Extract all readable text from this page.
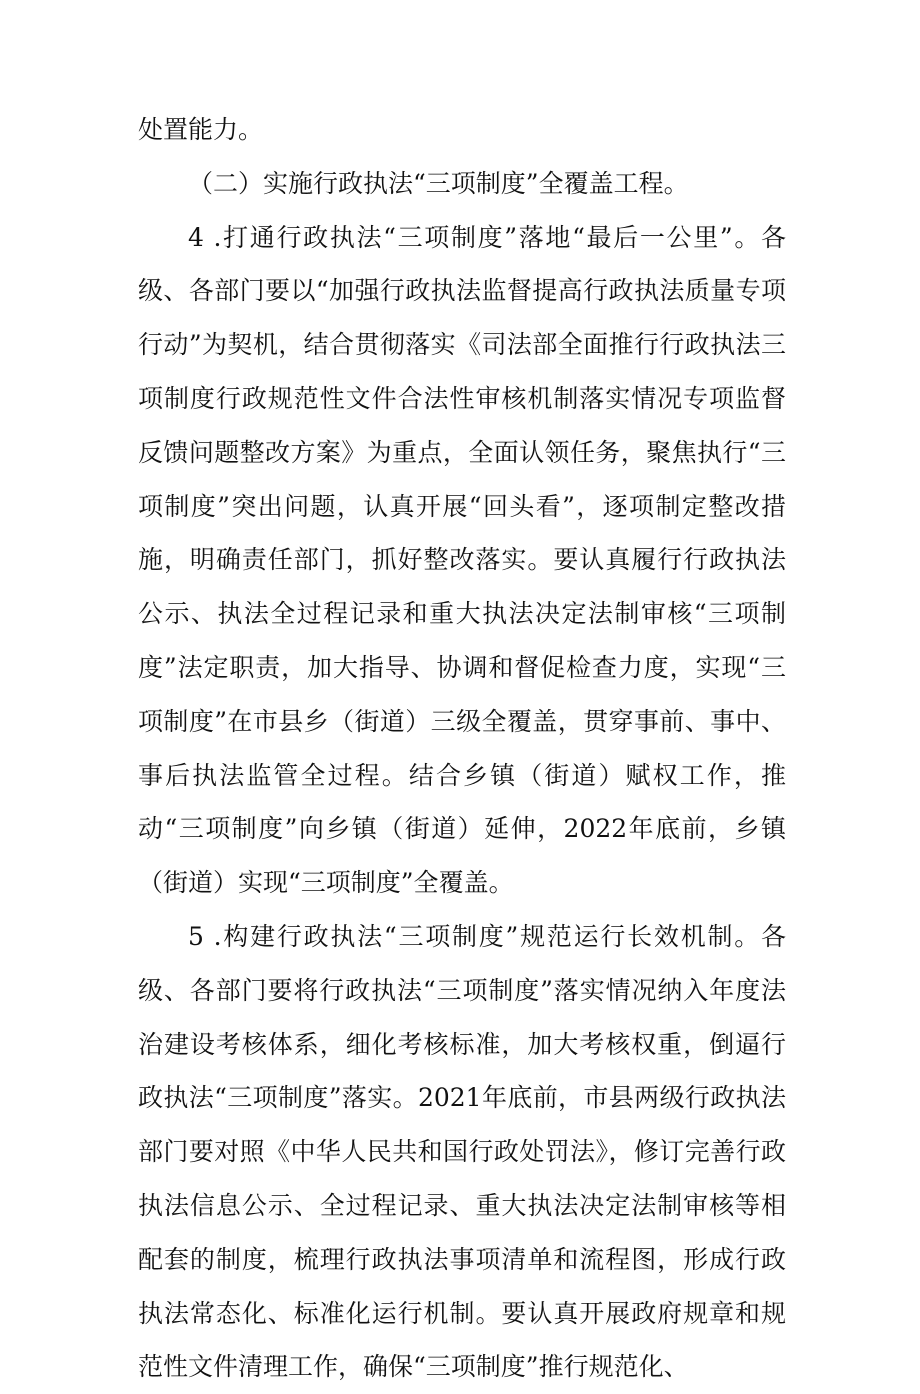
处置能力。

（二）实施行政执法“三项制度”全覆盖工程。

4 .打通行政执法“三项制度”落地“最后一公里”。各级、各部门要以“加强行政执法监督提高行政执法质量专项行动”为契机，结合贯彻落实《司法部全面推行行政执法三项制度行政规范性文件合法性审核机制落实情况专项监督反馈问题整改方案》为重点，全面认领任务，聚焦执行“三项制度”突出问题，认真开展“回头看”，逐项制定整改措施，明确责任部门，抓好整改落实。要认真履行行政执法公示、执法全过程记录和重大执法决定法制审核“三项制度”法定职责，加大指导、协调和督促检查力度，实现“三项制度”在市县乡（街道）三级全覆盖，贯穿事前、事中、事后执法监管全过程。结合乡镇（街道）赋权工作，推动“三项制度”向乡镇（街道）延伸，2022年底前，乡镇（街道）实现“三项制度”全覆盖。

5 .构建行政执法“三项制度”规范运行长效机制。各级、各部门要将行政执法“三项制度”落实情况纳入年度法治建设考核体系，细化考核标准，加大考核权重，倒逼行政执法“三项制度”落实。2021年底前，市县两级行政执法部门要对照《中华人民共和国行政处罚法》，修订完善行政执法信息公示、全过程记录、重大执法决定法制审核等相配套的制度，梳理行政执法事项清单和流程图，形成行政执法常态化、标准化运行机制。要认真开展政府规章和规范性文件清理工作，确保“三项制度”推行规范化、
